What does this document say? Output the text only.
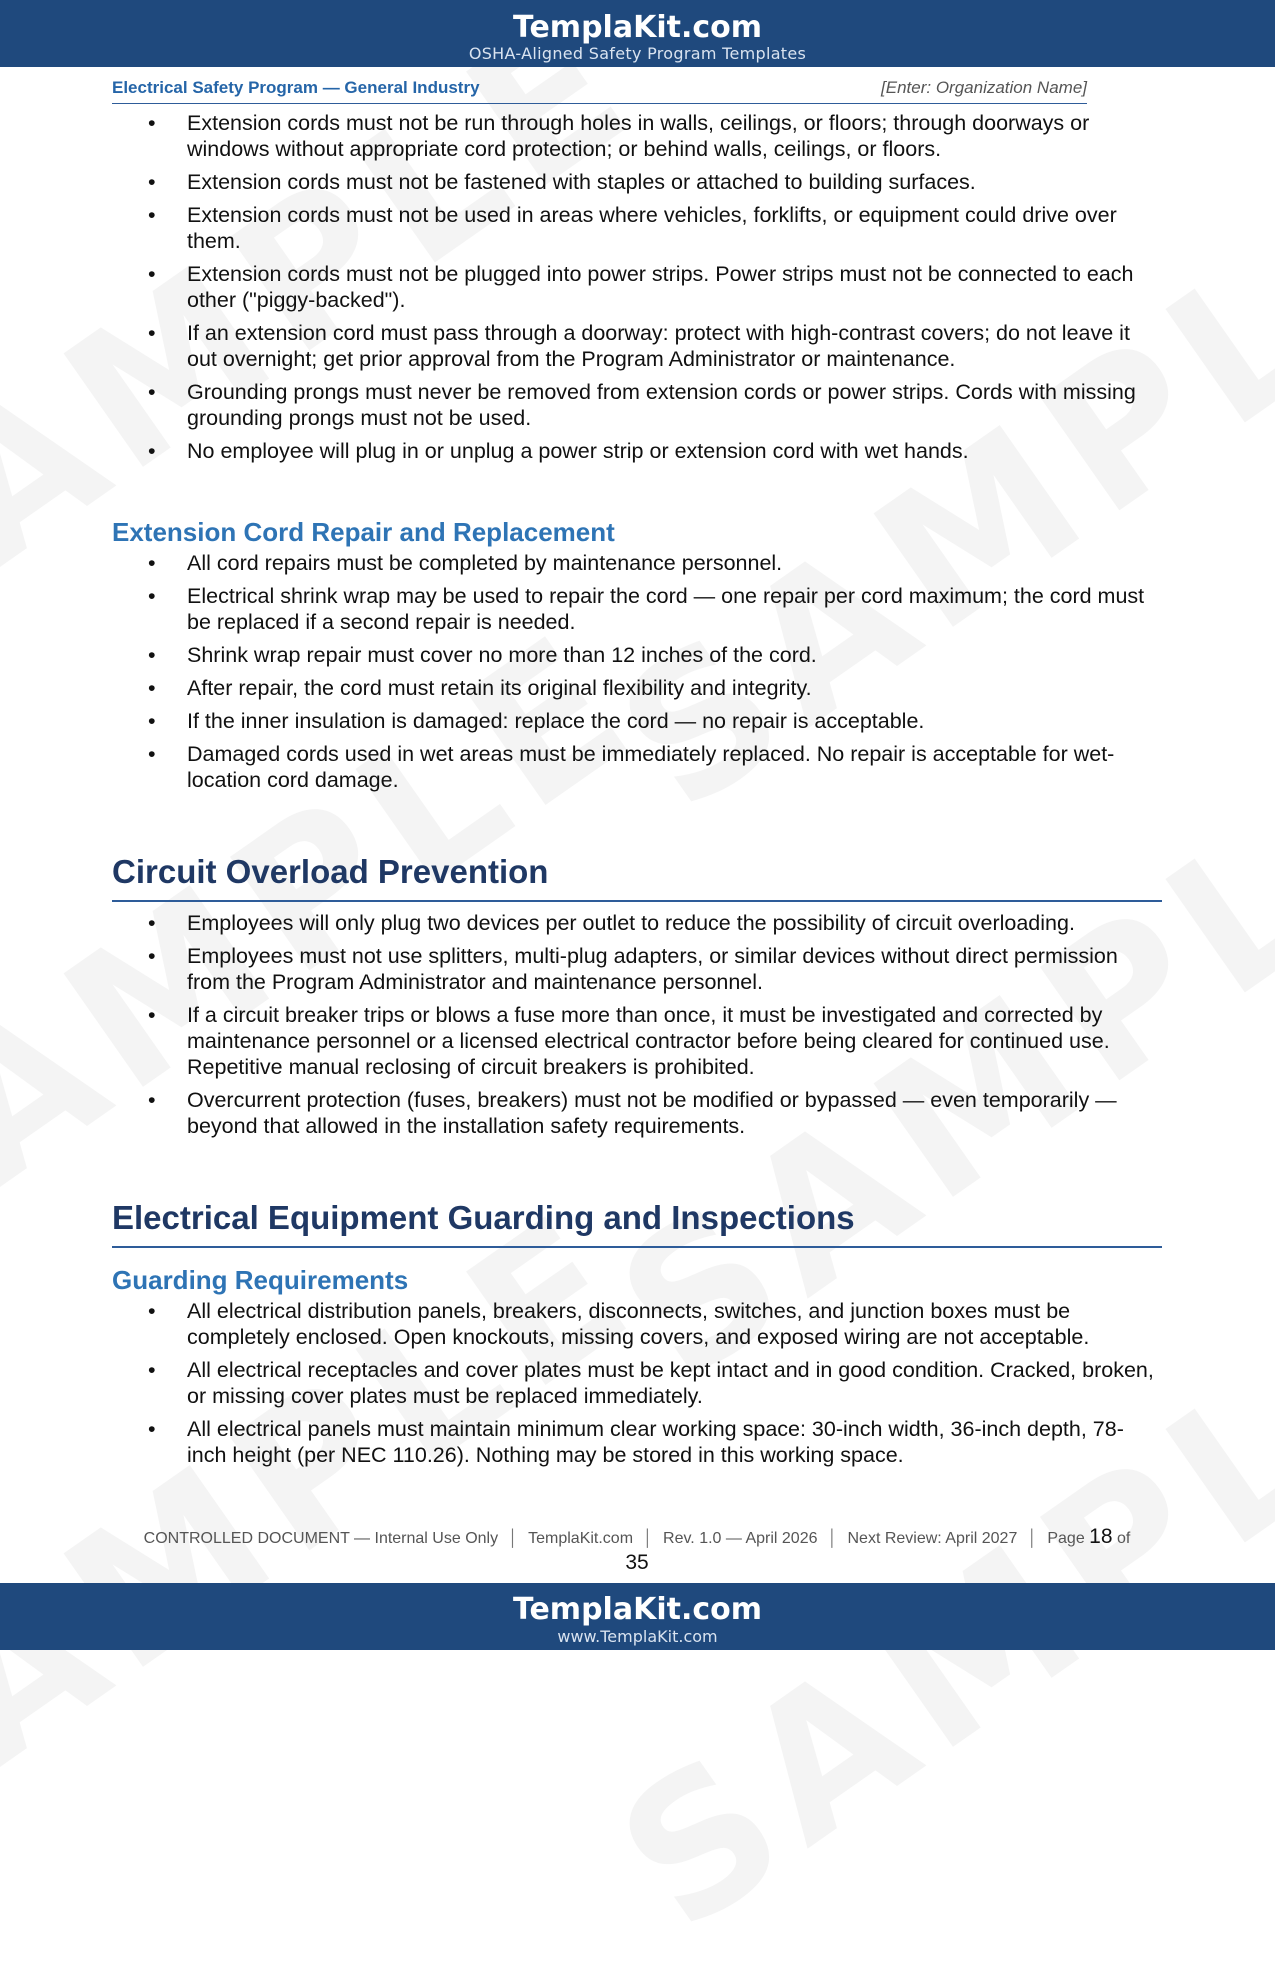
TemplaKit.com
OSHA-Aligned Safety Program Templates
Electrical Safety Program — General Industry	[Enter: Organization Name]
• Extension cords must not be run through holes in walls, ceilings, or floors; through doorways or windows without appropriate cord protection; or behind walls, ceilings, or floors.
• Extension cords must not be fastened with staples or attached to building surfaces.
• Extension cords must not be used in areas where vehicles, forklifts, or equipment could drive over them.
• Extension cords must not be plugged into power strips. Power strips must not be connected to each other ("piggy-backed").
• If an extension cord must pass through a doorway: protect with high-contrast covers; do not leave it out overnight; get prior approval from the Program Administrator or maintenance.
• Grounding prongs must never be removed from extension cords or power strips. Cords with missing grounding prongs must not be used.
• No employee will plug in or unplug a power strip or extension cord with wet hands.
Extension Cord Repair and Replacement
• All cord repairs must be completed by maintenance personnel.
• Electrical shrink wrap may be used to repair the cord — one repair per cord maximum; the cord must be replaced if a second repair is needed.
• Shrink wrap repair must cover no more than 12 inches of the cord.
• After repair, the cord must retain its original flexibility and integrity.
• If the inner insulation is damaged: replace the cord — no repair is acceptable.
• Damaged cords used in wet areas must be immediately replaced. No repair is acceptable for wet-location cord damage.
Circuit Overload Prevention
• Employees will only plug two devices per outlet to reduce the possibility of circuit overloading.
• Employees must not use splitters, multi-plug adapters, or similar devices without direct permission from the Program Administrator and maintenance personnel.
• If a circuit breaker trips or blows a fuse more than once, it must be investigated and corrected by maintenance personnel or a licensed electrical contractor before being cleared for continued use. Repetitive manual reclosing of circuit breakers is prohibited.
• Overcurrent protection (fuses, breakers) must not be modified or bypassed — even temporarily — beyond that allowed in the installation safety requirements.
Electrical Equipment Guarding and Inspections
Guarding Requirements
• All electrical distribution panels, breakers, disconnects, switches, and junction boxes must be completely enclosed. Open knockouts, missing covers, and exposed wiring are not acceptable.
• All electrical receptacles and cover plates must be kept intact and in good condition. Cracked, broken, or missing cover plates must be replaced immediately.
• All electrical panels must maintain minimum clear working space: 30-inch width, 36-inch depth, 78-inch height (per NEC 110.26). Nothing may be stored in this working space.
CONTROLLED DOCUMENT — Internal Use Only │ TemplaKit.com │ Rev. 1.0 — April 2026 │ Next Review: April 2027 │ Page 18 of
35
TemplaKit.com
www.TemplaKit.com
